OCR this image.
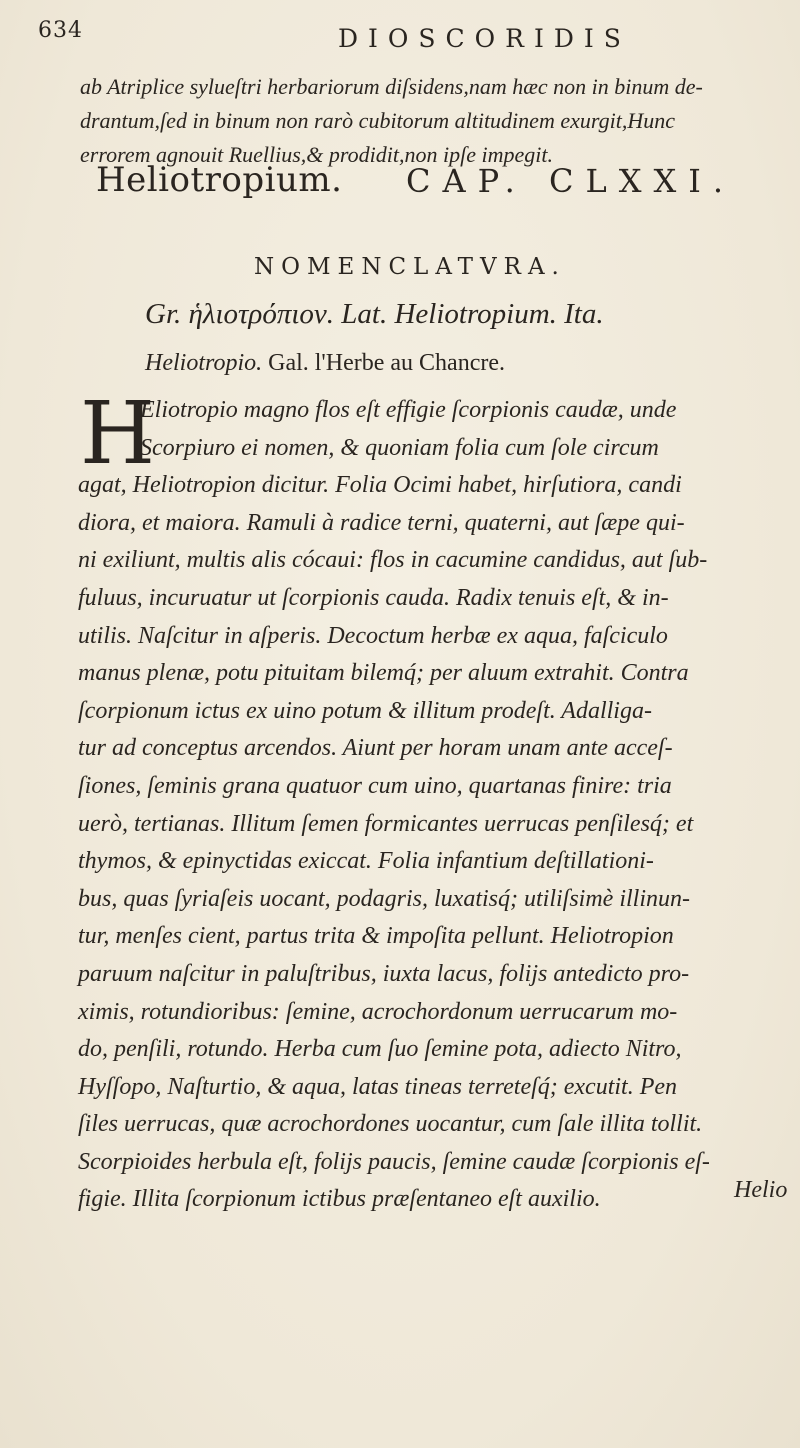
634	DIOSCORIDIS
ab Atriplice sylueſtri herbariorum diſsidens,nam hæc non in binum de-
drantum,ſed in binum non rarò cubitorum altitudinem exurgit,Hunc
errorem agnouit Ruellius,& prodidit,non ipſe impegit.
Heliotropium. CAP. CLXXI.
NOMENCLATVRA.
Gr. ἡλιοτρόπιον. Lat. Heliotropium. Ita.
Heliotropio. Gal. l'Herbe au Chancre.
H
Eliotropio magno flos eſt effigie ſcorpionis caudæ, unde
Scorpiuro ei nomen, & quoniam folia cum ſole circum
agat, Heliotropion dicitur. Folia Ocimi habet, hirſutiora, candi
diora, et maiora. Ramuli à radice terni, quaterni, aut ſæpe qui-
ni exiliunt, multis alis cócaui: flos in cacumine candidus, aut ſub-
fuluus, incuruatur ut ſcorpionis cauda. Radix tenuis eſt, & in-
utilis. Naſcitur in aſperis. Decoctum herbæ ex aqua, faſciculo
manus plenæ, potu pituitam bilemq́; per aluum extrahit. Contra
ſcorpionum ictus ex uino potum & illitum prodeſt. Adalliga-
tur ad conceptus arcendos. Aiunt per horam unam ante acceſ-
ſiones, ſeminis grana quatuor cum uino, quartanas finire: tria
uerò, tertianas. Illitum ſemen formicantes uerrucas penſilesq́; et
thymos, & epinyctidas exiccat. Folia infantium deſtillationi-
bus, quas ſyriaſeis uocant, podagris, luxatisq́; utiliſsimè illinun-
tur, menſes cient, partus trita & impoſita pellunt. Heliotropion
paruum naſcitur in paluſtribus, iuxta lacus, folijs antedicto pro-
ximis, rotundioribus: ſemine, acrochordonum uerrucarum mo-
do, penſili, rotundo. Herba cum ſuo ſemine pota, adiecto Nitro,
Hyſſopo, Naſturtio, & aqua, latas tineas terreteſq́; excutit. Pen
ſiles uerrucas, quæ acrochordones uocantur, cum ſale illita tollit.
Scorpioides herbula eſt, folijs paucis, ſemine caudæ ſcorpionis eſ-
figie. Illita ſcorpionum ictibus præſentaneo eſt auxilio.	Helio
